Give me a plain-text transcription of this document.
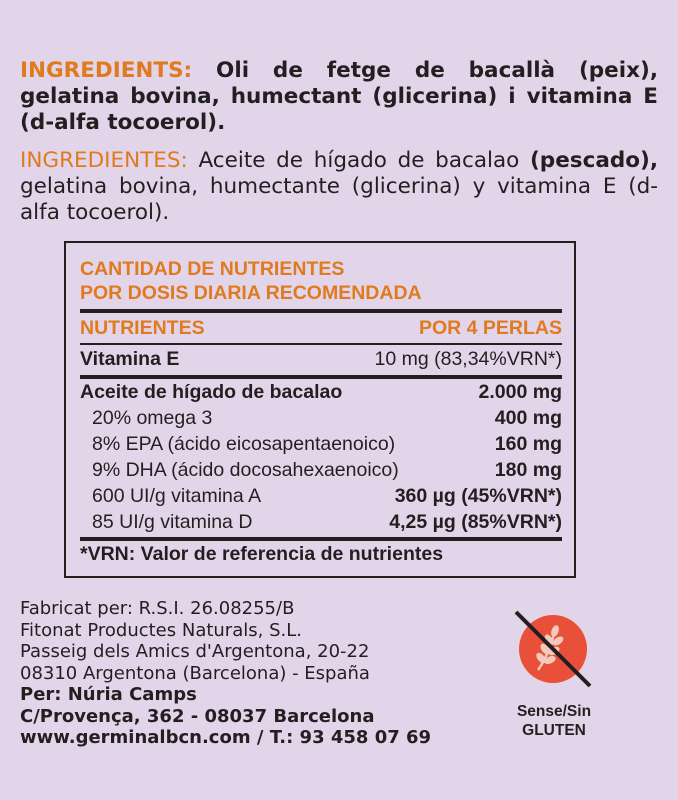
INGREDIENTS: Oli de fetge de bacallà (peix), gelatina bovina, humectant (glicerina) i vitamina E (d-alfa tocoerol).
INGREDIENTES: Aceite de hígado de bacalao (pescado), gelatina bovina, humectante (glicerina) y vitamina E (d-alfa tocoerol).
CANTIDAD DE NUTRIENTES
POR DOSIS DIARIA RECOMENDADA
NUTRIENTES	POR 4 PERLAS
Vitamina E	10 mg (83,34%VRN*)
Aceite de hígado de bacalao	2.000 mg
20% omega 3	400 mg
8% EPA (ácido eicosapentaenoico)	160 mg
9% DHA (ácido docosahexaenoico)	180 mg
600 UI/g vitamina A	360 µg (45%VRN*)
85 UI/g vitamina D	4,25 µg (85%VRN*)
*VRN: Valor de referencia de nutrientes
Fabricat per: R.S.I. 26.08255/B
Fitonat Productes Naturals, S.L.
Passeig dels Amics d'Argentona, 20-22
08310 Argentona (Barcelona) - España
Per: Núria Camps
C/Provença, 362 - 08037 Barcelona
www.germinalbcn.com / T.: 93 458 07 69
Sense/Sin
GLUTEN
